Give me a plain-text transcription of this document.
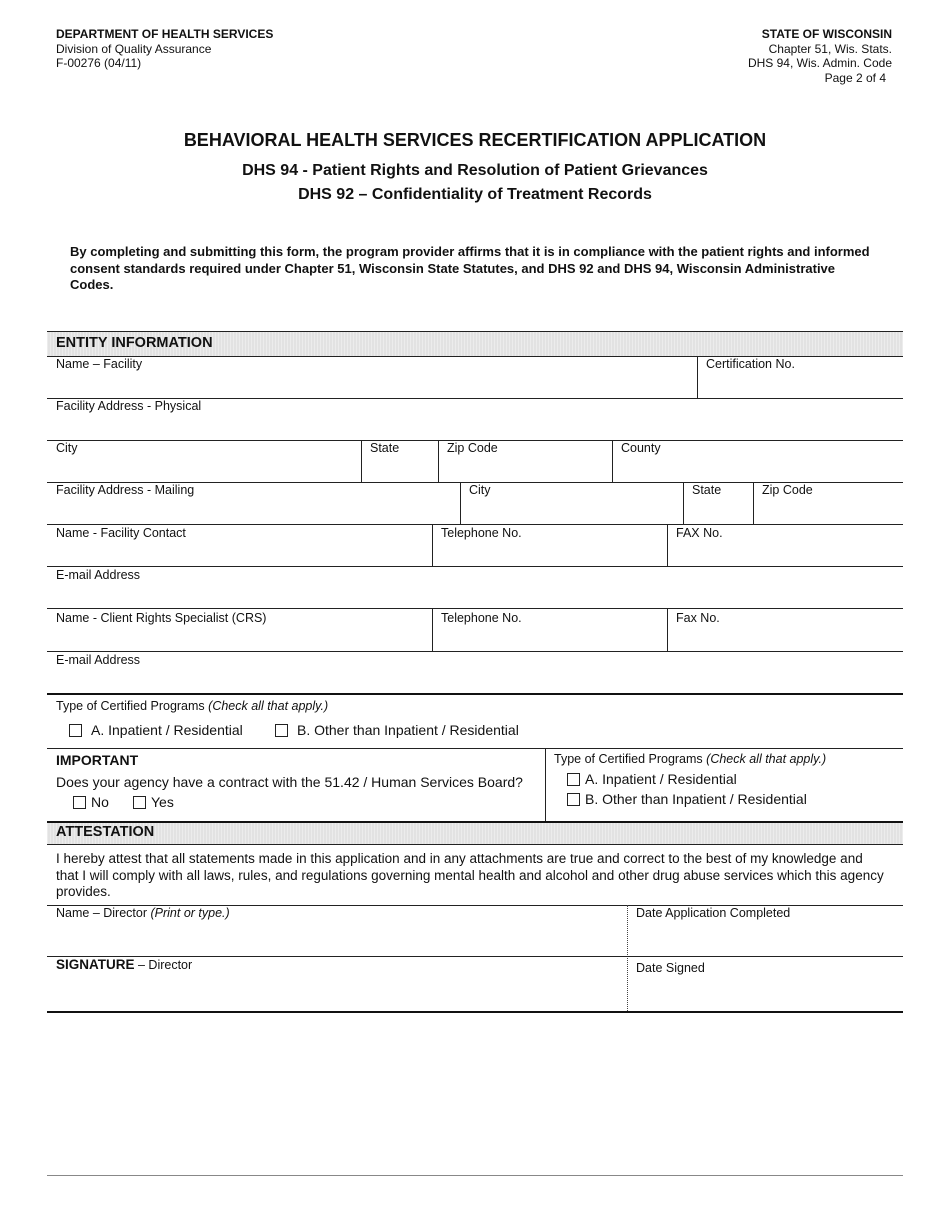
DEPARTMENT OF HEALTH SERVICES
Division of Quality Assurance
F-00276 (04/11)
STATE OF WISCONSIN
Chapter 51, Wis. Stats.
DHS 94, Wis. Admin. Code
Page 2 of 4
BEHAVIORAL HEALTH SERVICES RECERTIFICATION APPLICATION
DHS 94 - Patient Rights and Resolution of Patient Grievances
DHS 92 – Confidentiality of Treatment Records
By completing and submitting this form, the program provider affirms that it is in compliance with the patient rights and informed consent standards required under Chapter 51, Wisconsin State Statutes, and DHS 92 and DHS 94, Wisconsin Administrative Codes.
ENTITY INFORMATION
Name – Facility	Certification No.
Facility Address - Physical
City	State	Zip Code	County
Facility Address - Mailing	City	State	Zip Code
Name - Facility Contact	Telephone No.	FAX No.
E-mail Address
Name - Client Rights Specialist (CRS)	Telephone No.	Fax No.
E-mail Address
Type of Certified Programs (Check all that apply.)
A. Inpatient / Residential	B. Other than Inpatient / Residential
IMPORTANT
Does your agency have a contract with the 51.42 / Human Services Board?
No	Yes
Type of Certified Programs (Check all that apply.)
A. Inpatient / Residential
B. Other than Inpatient / Residential
ATTESTATION
I hereby attest that all statements made in this application and in any attachments are true and correct to the best of my knowledge and that I will comply with all laws, rules, and regulations governing mental health and alcohol and other drug abuse services which this agency provides.
Name – Director (Print or type.)	Date Application Completed
SIGNATURE – Director	Date Signed
